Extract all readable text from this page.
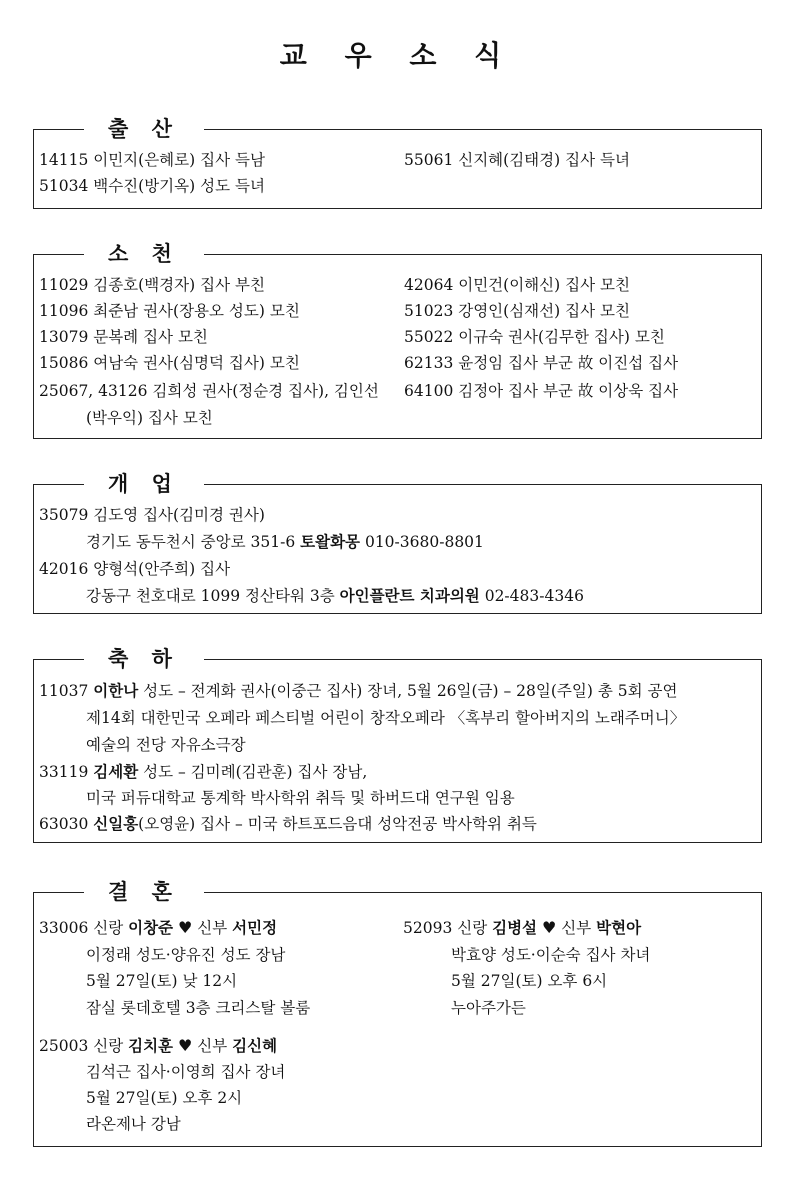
교 우 소 식
출 산
14115 이민지(은혜로) 집사 득남
51034 백수진(방기옥) 성도 득녀
55061 신지혜(김태경) 집사 득녀
소 천
11029 김종호(백경자) 집사 부친
11096 최준남 권사(장용오 성도) 모친
13079 문복례 집사 모친
15086 여남숙 권사(심명덕 집사) 모친
25067, 43126 김희성 권사(정순경 집사), 김인선
(박우익) 집사 모친
42064 이민건(이해신) 집사 모친
51023 강영인(심재선) 집사 모친
55022 이규숙 권사(김무한 집사) 모친
62133 윤정임 집사 부군 故 이진섭 집사
64100 김정아 집사 부군 故 이상욱 집사
개 업
35079 김도영 집사(김미경 권사)
경기도 동두천시 중앙로 351-6 토왈화몽 010-3680-8801
42016 양형석(안주희) 집사
강동구 천호대로 1099 정산타워 3층 아인플란트 치과의원 02-483-4346
축 하
11037 이한나 성도 – 전계화 권사(이중근 집사) 장녀, 5월 26일(금) – 28일(주일) 총 5회 공연
제14회 대한민국 오페라 페스티벌 어린이 창작오페라 〈혹부리 할아버지의 노래주머니〉
예술의 전당 자유소극장
33119 김세환 성도 – 김미례(김관훈) 집사 장남,
미국 퍼듀대학교 통계학 박사학위 취득 및 하버드대 연구원 임용
63030 신일홍(오영윤) 집사 – 미국 하트포드음대 성악전공 박사학위 취득
결 혼
33006 신랑 이창준 ♥ 신부 서민정
이정래 성도·양유진 성도 장남
5월 27일(토) 낮 12시
잠실 롯데호텔 3층 크리스탈 볼룸
52093 신랑 김병설 ♥ 신부 박현아
박효양 성도·이순숙 집사 차녀
5월 27일(토) 오후 6시
누아주가든
25003 신랑 김치훈 ♥ 신부 김신혜
김석근 집사·이영희 집사 장녀
5월 27일(토) 오후 2시
라온제나 강남
